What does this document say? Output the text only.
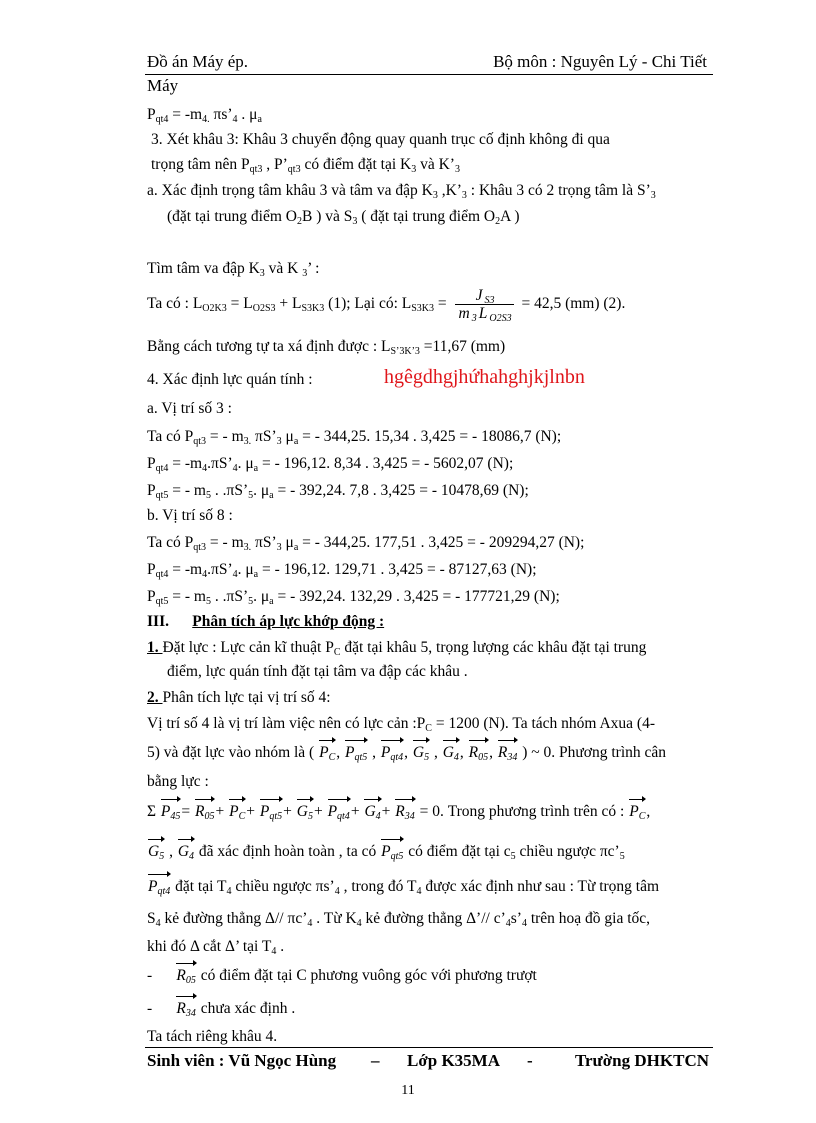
Đồ án Máy ép.	Bộ môn : Nguyên Lý - Chi Tiết
Máy
$P_{qt4} = -m_{4.}$ $\pi s’_4$ . $\mu_a$
3. Xét khâu 3: Khâu 3 chuyển động quay quanh trục cố định không đi qua
trọng tâm nên $P_{qt3}$ , $P’_{qt3}$ có điểm đặt tại $K_3$ và $K’_3$
a. Xác định trọng tâm khâu 3 và tâm va đập $K_3$ $,K’_3$ : Khâu 3 có 2 trọng tâm là $S’_3$
(đặt tại trung điểm $O_2B$ ) và $S_3$ ( đặt tại trung điểm $O_2A$ )
Tìm tâm va đập $K_3$ và K $_3$’ :
Ta có : $L_{O2K3} = L_{O2S3} + L_{S3K3}$ (1); Lại có: $L_{S3K3} = \frac{J _{S3}}{m _3 L _{O2S3}} = 42,5$ (mm) (2).
Bằng cách tương tự ta xá định được : $L_{S’3K’3} =11,67$ (mm)
4. Xác định lực quán tính :	hgêgdhgjhứhahghjkjlnbn
a. Vị trí số 3 :
Ta có $P_{qt3}$ = - $m_{3.}$ $\pi S’_3$ $\mu_a$ = - 344,25. 15,34 . 3,425 = - 18086,7 (N);
$P_{qt4}$ = $-m_4.\pi S’_4$. $\mu_a$ = - 196,12. 8,34 . 3,425 = - 5602,07 (N);
$P_{qt5}$ = - $m_5$ . $.\pi S’_5$. $\mu_a$ = - 392,24. 7,8 . 3,425 = - 10478,69 (N);
b. Vị trí số 8 :
Ta có $P_{qt3}$ = - $m_{3.}$ $\pi S’_3$ $\mu_a$ = - 344,25. 177,51 . 3,425 = - 209294,27 (N);
$P_{qt4}$ = $-m_4.\pi S’_4$. $\mu_a$ = - 196,12. 129,71 . 3,425 = - 87127,63 (N);
$P_{qt5}$ = - $m_5$ . $.\pi S’_5$. $\mu_a$ = - 392,24. 132,29 . 3,425 = - 177721,29 (N);
III. Phân tích áp lực khớp động :
1. Đặt lực : Lực cản kĩ thuật $P_C$ đặt tại khâu 5, trọng lượng các khâu đặt tại trung
điểm, lực quán tính đặt tại tâm va đập các khâu .
2. Phân tích lực tại vị trí số 4:
Vị trí số 4 là vị trí làm việc nên có lực cản $:P_C = 1200$ (N). Ta tách nhóm Axua (4-
5) và đặt lực vào nhóm là ( $P_C$, $P_{qt5}$ , $P_{qt4}$, $G_5$ , $G_4$, $R_{05}$, $R_{34}$ ) ~ 0. Phương trình cân
bằng lực :
Σ $P_{45}= R_{05}+ P_C+ P_{qt5}+ G_5+ P_{qt4}+ G_4+ R_{34} = 0$. Trong phương trình trên có : $P_C$,
$G_5$ , $G_4$ đã xác định hoàn toàn , ta có $P_{qt5}$ có điểm đặt tại $c_5$ chiều ngược $\pi c’_5$
$P_{qt4}$ đặt tại $T_4$ chiều ngược $\pi s’_4$ , trong đó $T_4$ được xác định như sau : Từ trọng tâm
$S_4$ kẻ đường thẳng Δ// $\pi c’_4$ . Từ $K_4$ kẻ đường thẳng Δ’// $c’_4s’_4$ trên hoạ đồ gia tốc,
khi đó Δ cắt Δ’ tại $T_4$ .
- $R_{05}$ có điểm đặt tại C phương vuông góc với phương trượt
- $R_{34}$ chưa xác định .
Ta tách riêng khâu 4.
Sinh viên : Vũ Ngọc Hùng – Lớp K35MA - Trường DHKTCN
11
